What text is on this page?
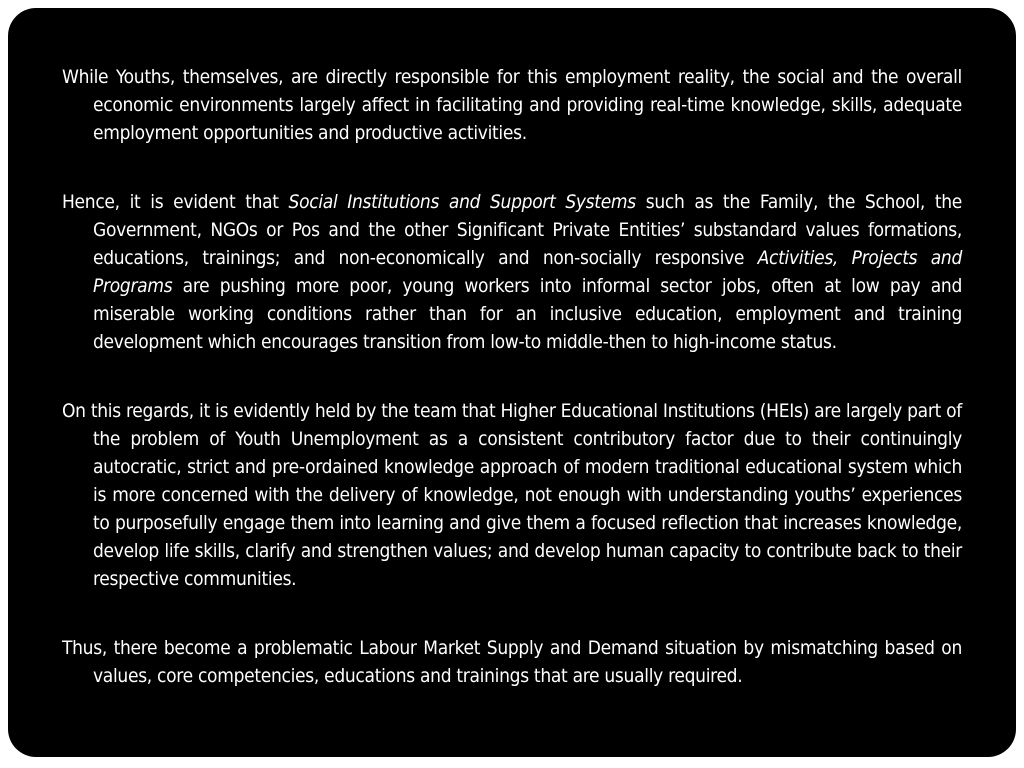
While Youths, themselves, are directly responsible for this employment reality, the social and the overall economic environments largely affect in facilitating and providing real-time knowledge, skills, adequate employment opportunities and productive activities.

Hence, it is evident that Social Institutions and Support Systems such as the Family, the School, the Government, NGOs or Pos and the other Significant Private Entities’ substandard values formations, educations, trainings; and non-economically and non-socially responsive Activities, Projects and Programs are pushing more poor, young workers into informal sector jobs, often at low pay and miserable working conditions rather than for an inclusive education, employment and training development which encourages transition from low-to middle-then to high-income status.

On this regards, it is evidently held by the team that Higher Educational Institutions (HEIs) are largely part of the problem of Youth Unemployment as a consistent contributory factor due to their continuingly autocratic, strict and pre-ordained knowledge approach of modern traditional educational system which is more concerned with the delivery of knowledge, not enough with understanding youths’ experiences to purposefully engage them into learning and give them a focused reflection that increases knowledge, develop life skills, clarify and strengthen values; and develop human capacity to contribute back to their respective communities.

Thus, there become a problematic Labour Market Supply and Demand situation by mismatching based on values, core competencies, educations and trainings that are usually required.
